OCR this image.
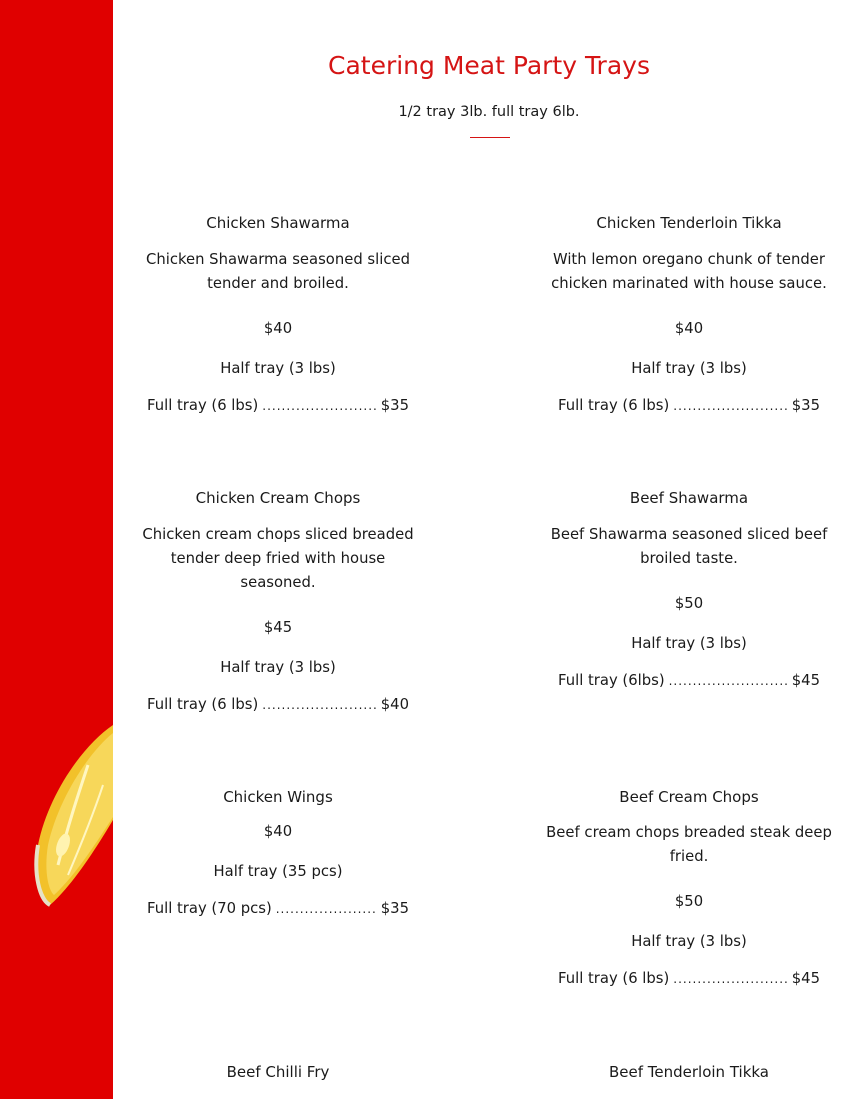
Catering Meat Party Trays
1/2 tray 3lb. full tray 6lb.
Chicken Shawarma
Chicken Shawarma seasoned sliced tender and broiled.
$40
Half tray (3 lbs)
Full tray (6 lbs) .....	$35
Chicken Cream Chops
Chicken cream chops sliced breaded tender deep fried with house seasoned.
$45
Half tray (3 lbs)
Full tray (6 lbs) .....	$40
Chicken Wings
$40
Half tray (35 pcs)
Full tray (70 pcs) .....	$35
Beef Chilli Fry
Chicken Tenderloin Tikka
With lemon oregano chunk of tender chicken marinated with house sauce.
$40
Half tray (3 lbs)
Full tray (6 lbs) .....	$35
Beef Shawarma
Beef Shawarma seasoned sliced beef broiled taste.
$50
Half tray (3 lbs)
Full tray (6lbs) .....	$45
Beef Cream Chops
Beef cream chops breaded steak deep fried.
$50
Half tray (3 lbs)
Full tray (6 lbs) .....	$45
Beef Tenderloin Tikka
